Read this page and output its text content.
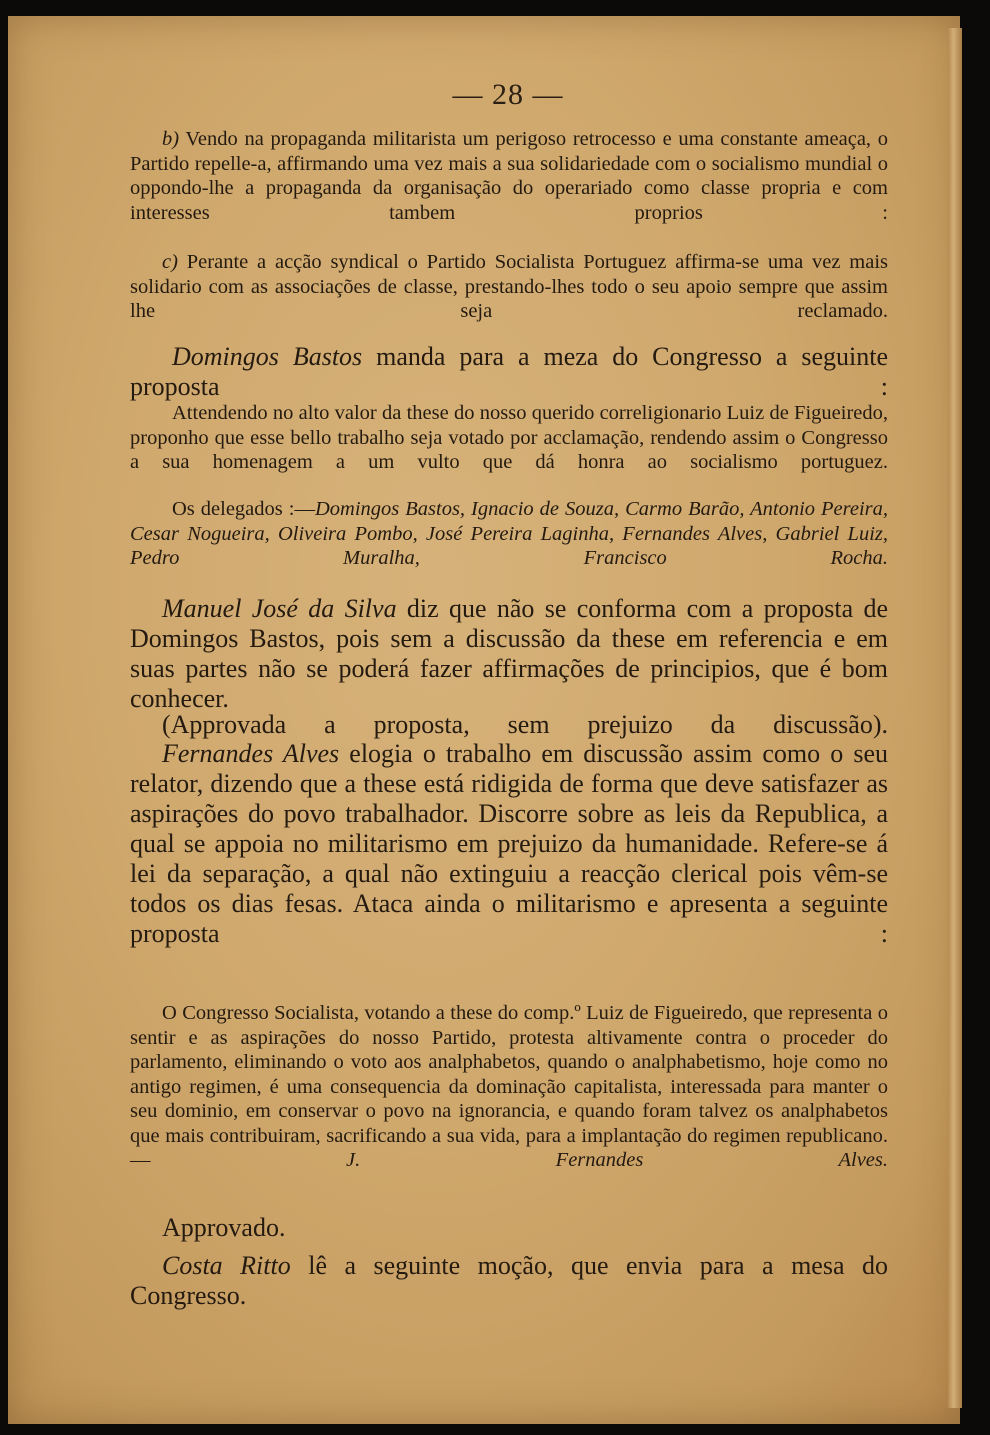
— 28 —

b) Vendo na propaganda militarista um perigoso retrocesso e uma constante ameaça, o Partido repelle-a, affirmando uma vez mais a sua solidariedade com o socialismo mundial o oppondo-lhe a propaganda da organisação do operariado como classe propria e com interesses tambem proprios :

c) Perante a acção syndical o Partido Socialista Portuguez affirma-se uma vez mais solidario com as associações de classe, prestando-lhes todo o seu apoio sempre que assim lhe seja reclamado.

Domingos Bastos manda para a meza do Congresso a seguinte proposta :

Attendendo no alto valor da these do nosso querido correligionario Luiz de Figueiredo, proponho que esse bello trabalho seja votado por acclamação, rendendo assim o Congresso a sua homenagem a um vulto que dá honra ao socialismo portuguez.

Os delegados :—Domingos Bastos, Ignacio de Souza, Carmo Barão, Antonio Pereira, Cesar Nogueira, Oliveira Pombo, José Pereira Laginha, Fernandes Alves, Gabriel Luiz, Pedro Muralha, Francisco Rocha.

Manuel José da Silva diz que não se conforma com a proposta de Domingos Bastos, pois sem a discussão da these em referencia e em suas partes não se poderá fazer affirmações de principios, que é bom conhecer.

(Approvada a proposta, sem prejuizo da discussão).

Fernandes Alves elogia o trabalho em discussão assim como o seu relator, dizendo que a these está ridigida de forma que deve satisfazer as aspirações do povo trabalhador. Discorre sobre as leis da Republica, a qual se appoia no militarismo em prejuizo da humanidade. Refere-se á lei da separação, a qual não extinguiu a reacção clerical pois vêm-se todos os dias fesas. Ataca ainda o militarismo e apresenta a seguinte proposta :

O Congresso Socialista, votando a these do comp.º Luiz de Figueiredo, que representa o sentir e as aspirações do nosso Partido, protesta altivamente contra o proceder do parlamento, eliminando o voto aos analphabetos, quando o analphabetismo, hoje como no antigo regimen, é uma consequencia da dominação capitalista, interessada para manter o seu dominio, em conservar o povo na ignorancia, e quando foram talvez os analphabetos que mais contribuiram, sacrificando a sua vida, para a implantação do regimen republicano. — J. Fernandes Alves.

Approvado.

Costa Ritto lê a seguinte moção, que envia para a mesa do Congresso.
